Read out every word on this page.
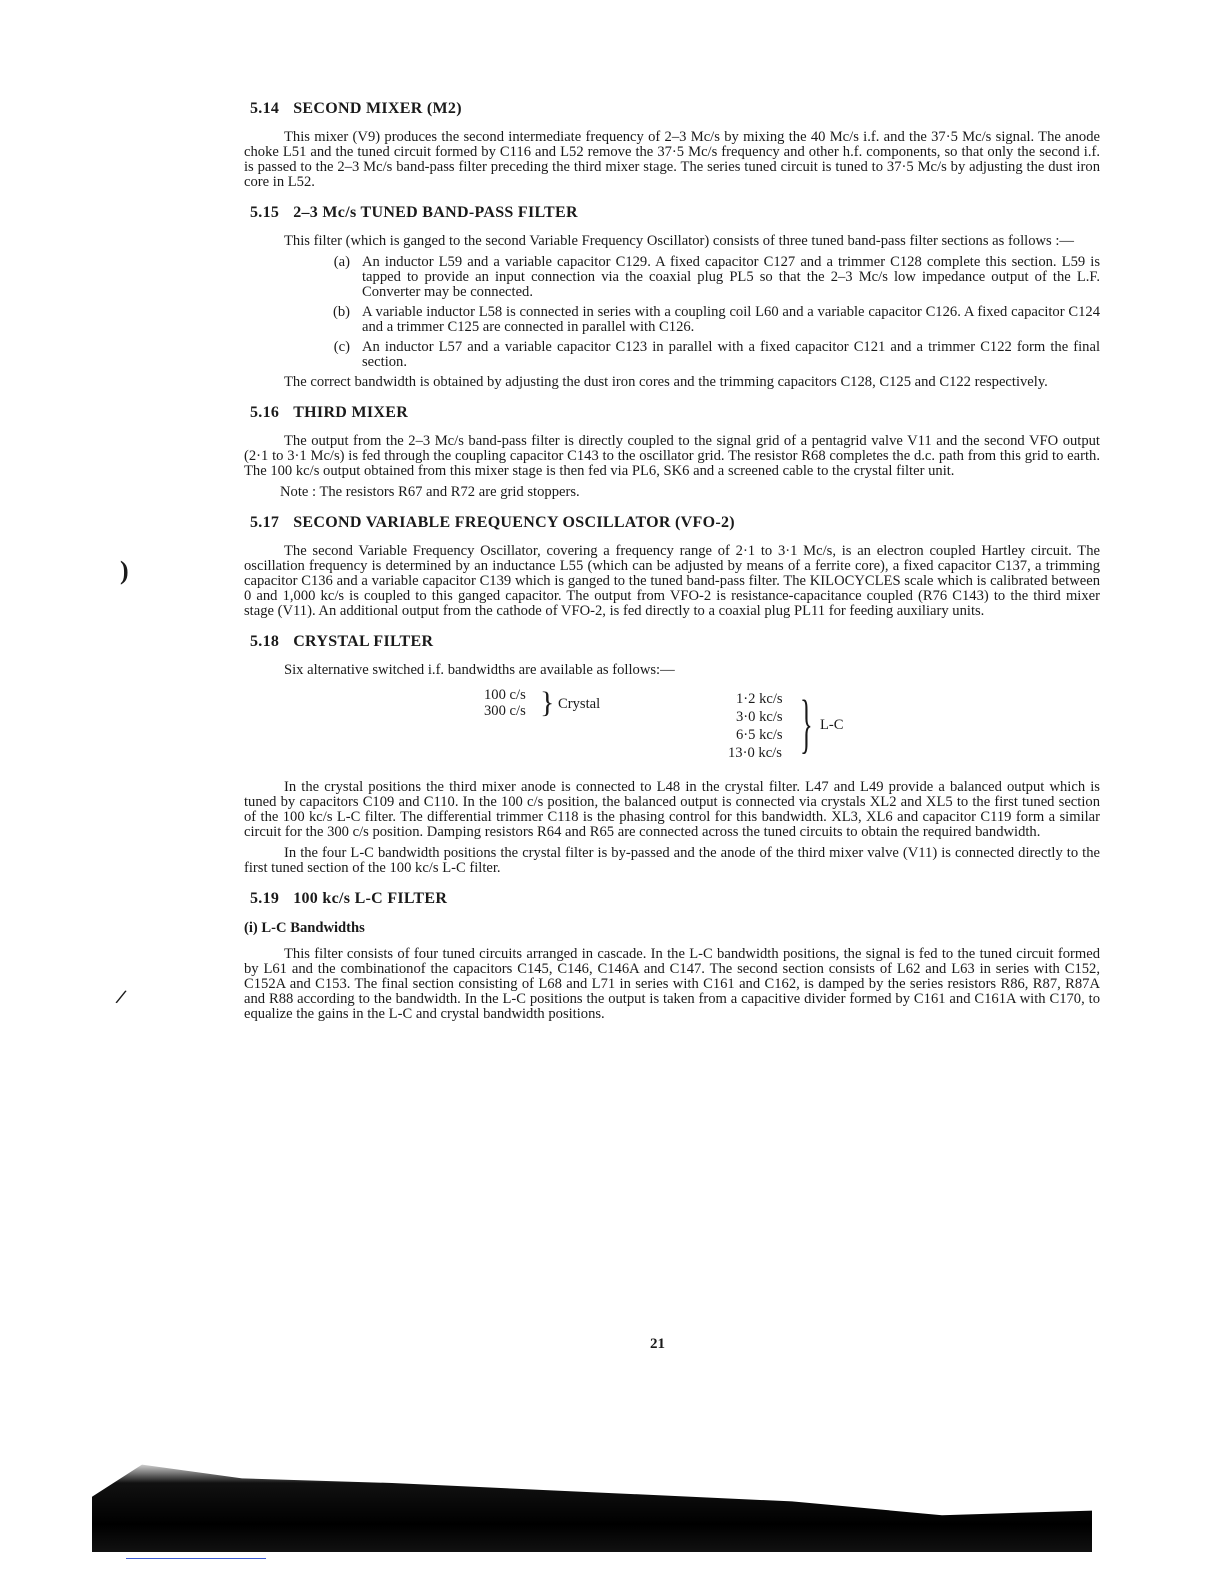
5.14 SECOND MIXER (M2)

This mixer (V9) produces the second intermediate frequency of 2–3 Mc/s by mixing the 40 Mc/s i.f. and the 37·5 Mc/s signal. The anode choke L51 and the tuned circuit formed by C116 and L52 remove the 37·5 Mc/s frequency and other h.f. components, so that only the second i.f. is passed to the 2–3 Mc/s band-pass filter preceding the third mixer stage. The series tuned circuit is tuned to 37·5 Mc/s by adjusting the dust iron core in L52.

5.15 2–3 Mc/s TUNED BAND-PASS FILTER

This filter (which is ganged to the second Variable Frequency Oscillator) consists of three tuned band-pass filter sections as follows :—

(a) An inductor L59 and a variable capacitor C129. A fixed capacitor C127 and a trimmer C128 complete this section. L59 is tapped to provide an input connection via the coaxial plug PL5 so that the 2–3 Mc/s low impedance output of the L.F. Converter may be connected.
(b) A variable inductor L58 is connected in series with a coupling coil L60 and a variable capacitor C126. A fixed capacitor C124 and a trimmer C125 are connected in parallel with C126.
(c) An inductor L57 and a variable capacitor C123 in parallel with a fixed capacitor C121 and a trimmer C122 form the final section.

The correct bandwidth is obtained by adjusting the dust iron cores and the trimming capacitors C128, C125 and C122 respectively.

5.16 THIRD MIXER

The output from the 2–3 Mc/s band-pass filter is directly coupled to the signal grid of a pentagrid valve V11 and the second VFO output (2·1 to 3·1 Mc/s) is fed through the coupling capacitor C143 to the oscillator grid. The resistor R68 completes the d.c. path from this grid to earth. The 100 kc/s output obtained from this mixer stage is then fed via PL6, SK6 and a screened cable to the crystal filter unit.

Note : The resistors R67 and R72 are grid stoppers.

5.17 SECOND VARIABLE FREQUENCY OSCILLATOR (VFO-2)

The second Variable Frequency Oscillator, covering a frequency range of 2·1 to 3·1 Mc/s, is an electron coupled Hartley circuit. The oscillation frequency is determined by an inductance L55 (which can be adjusted by means of a ferrite core), a fixed capacitor C137, a trimming capacitor C136 and a variable capacitor C139 which is ganged to the tuned band-pass filter. The KILOCYCLES scale which is calibrated between 0 and 1,000 kc/s is coupled to this ganged capacitor. The output from VFO-2 is resistance-capacitance coupled (R76 C143) to the third mixer stage (V11). An additional output from the cathode of VFO-2, is fed directly to a coaxial plug PL11 for feeding auxiliary units.

5.18 CRYSTAL FILTER

Six alternative switched i.f. bandwidths are available as follows:—

100 c/s
300 c/s } Crystal	1·2 kc/s
3·0 kc/s
6·5 kc/s
13·0 kc/s } L-C

In the crystal positions the third mixer anode is connected to L48 in the crystal filter. L47 and L49 provide a balanced output which is tuned by capacitors C109 and C110. In the 100 c/s position, the balanced output is connected via crystals XL2 and XL5 to the first tuned section of the 100 kc/s L-C filter. The differential trimmer C118 is the phasing control for this bandwidth. XL3, XL6 and capacitor C119 form a similar circuit for the 300 c/s position. Damping resistors R64 and R65 are connected across the tuned circuits to obtain the required bandwidth.

In the four L-C bandwidth positions the crystal filter is by-passed and the anode of the third mixer valve (V11) is connected directly to the first tuned section of the 100 kc/s L-C filter.

5.19 100 kc/s L-C FILTER
(i) L-C Bandwidths

This filter consists of four tuned circuits arranged in cascade. In the L-C bandwidth positions, the signal is fed to the tuned circuit formed by L61 and the combinationof the capacitors C145, C146, C146A and C147. The second section consists of L62 and L63 in series with C152, C152A and C153. The final section consisting of L68 and L71 in series with C161 and C162, is damped by the series resistors R86, R87, R87A and R88 according to the bandwidth. In the L-C positions the output is taken from a capacitive divider formed by C161 and C161A with C170, to equalize the gains in the L-C and crystal bandwidth positions.

21
)
/
